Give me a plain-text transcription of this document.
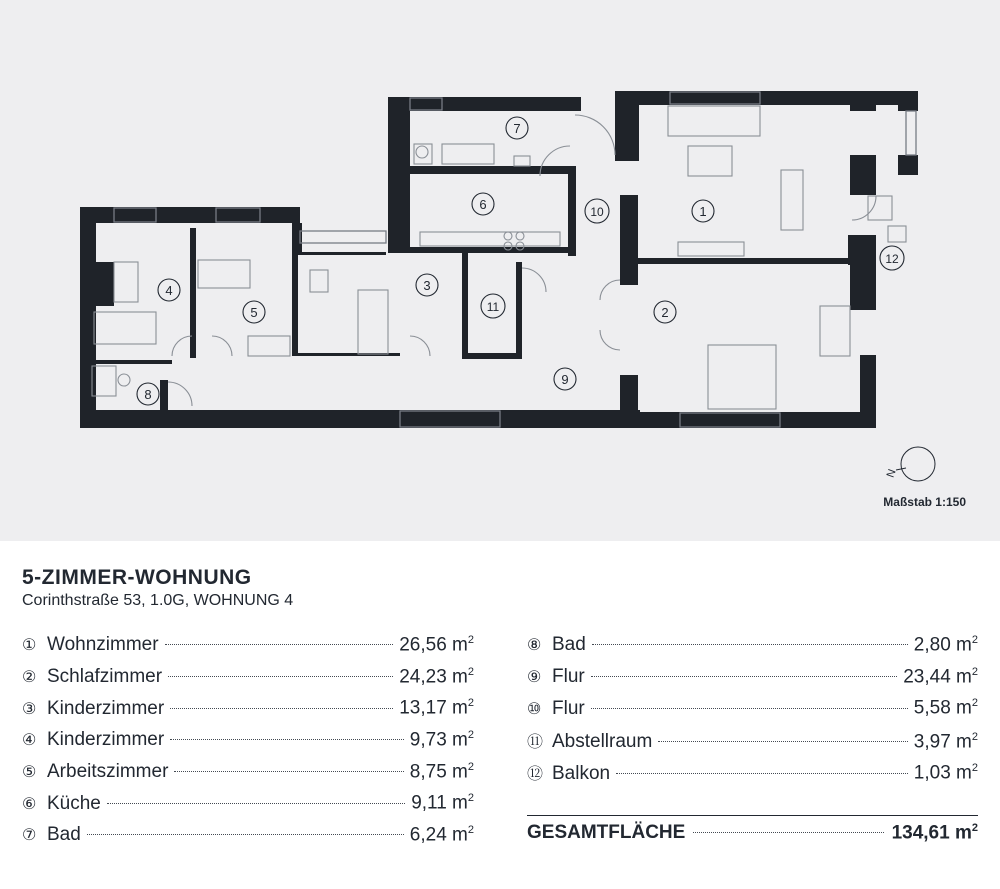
1
2
3
4
5
6
7
8
9
10
11
12
N
Maßstab 1:150
5-ZIMMER-WOHNUNG
Corinthstraße 53, 1.0G, WOHNUNG 4
① Wohnzimmer	26,56 $m^2$
② Schlafzimmer	24,23 $m^2$
③ Kinderzimmer	13,17 $m^2$
④ Kinderzimmer	9,73 $m^2$
⑤ Arbeitszimmer	8,75 $m^2$
⑥ Küche	9,11 $m^2$
⑦ Bad	6,24 $m^2$
⑧ Bad	2,80 $m^2$
⑨ Flur	23,44 $m^2$
⑩ Flur	5,58 $m^2$
⑪ Abstellraum	3,97 $m^2$
⑫ Balkon	1,03 $m^2$
GESAMTFLÄCHE	134,61 $m^2$
